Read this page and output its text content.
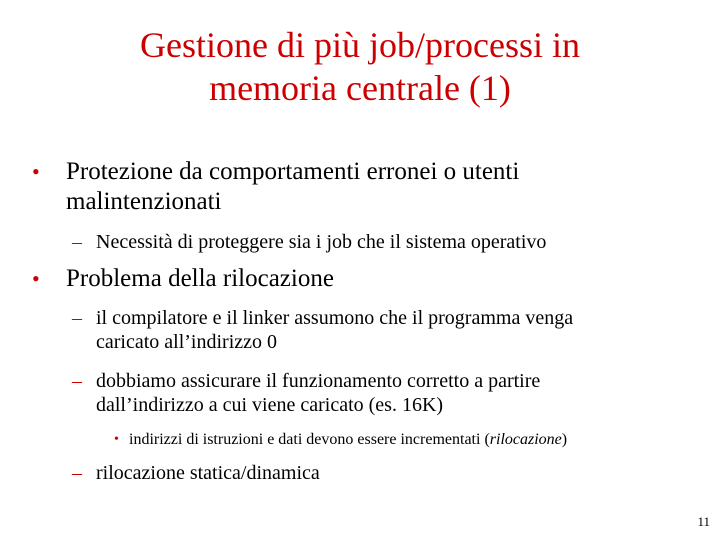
Gestione di più job/processi in
memoria centrale (1)
• Protezione da comportamenti erronei o utenti
malintenzionati
– Necessità di proteggere sia i job che il sistema operativo
• Problema della rilocazione
– il compilatore e il linker assumono che il programma venga
caricato all’indirizzo 0
– dobbiamo assicurare il funzionamento corretto a partire
dall’indirizzo a cui viene caricato (es. 16K)
• indirizzi di istruzioni e dati devono essere incrementati (rilocazione)
– rilocazione statica/dinamica
11
